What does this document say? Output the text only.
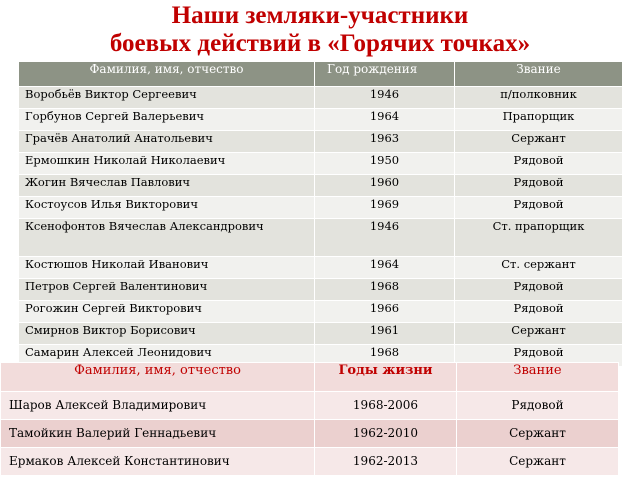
Наши земляки-участники
боевых действий в «Горячих точках»
Фамилия, имя, отчество	Год рождения	Звание
Воробьёв Виктор Сергеевич	1946	п/полковник
Горбунов Сергей Валерьевич	1964	Прапорщик
Грачёв Анатолий Анатольевич	1963	Сержант
Ермошкин Николай Николаевич	1950	Рядовой
Жогин Вячеслав Павлович	1960	Рядовой
Костоусов Илья Викторович	1969	Рядовой
Ксенофонтов Вячеслав Александрович	1946	Ст. прапорщик
Костюшов Николай Иванович	1964	Ст. сержант
Петров Сергей Валентинович	1968	Рядовой
Рогожин Сергей Викторович	1966	Рядовой
Смирнов Виктор Борисович	1961	Сержант
Самарин Алексей Леонидович	1968	Рядовой
Фамилия, имя, отчество	Годы жизни	Звание
Шаров Алексей Владимирович	1968-2006	Рядовой
Тамойкин Валерий Геннадьевич	1962-2010	Сержант
Ермаков Алексей Константинович	1962-2013	Сержант
